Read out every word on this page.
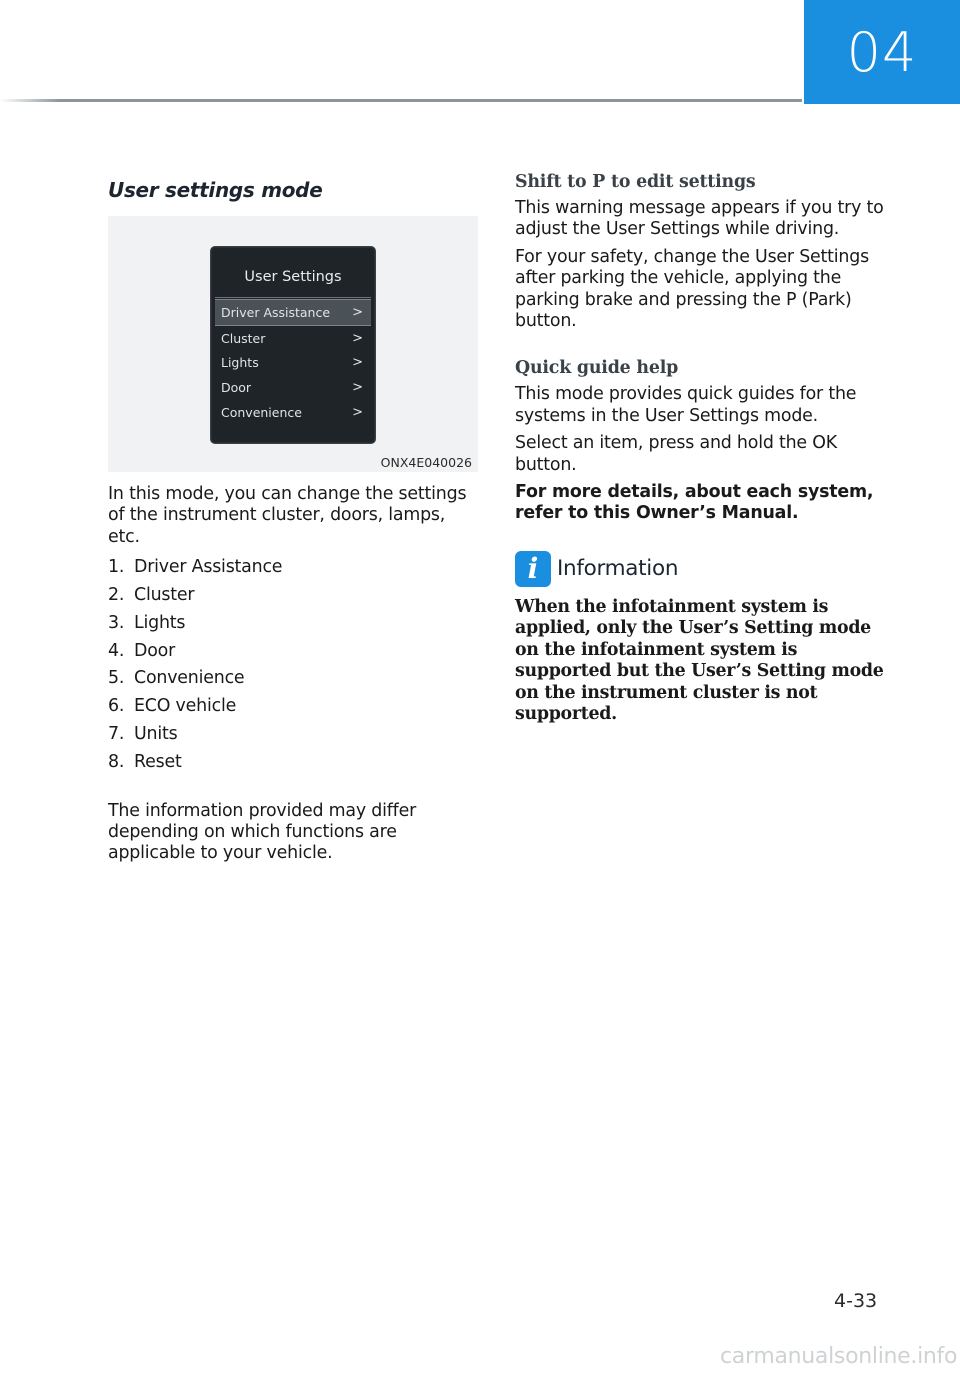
04
User settings mode
User Settings
Driver Assistance >
Cluster	>
Lights	>
Door	>
Convenience	>
ONX4E040026

In this mode, you can change the settings of the instrument cluster, doors, lamps, etc.

1. Driver Assistance
2. Cluster
3. Lights
4. Door
5. Convenience
6. ECO vehicle
7. Units
8. Reset

The information provided may differ depending on which functions are applicable to your vehicle.

Shift to P to edit settings

This warning message appears if you try to adjust the User Settings while driving.

For your safety, change the User Settings after parking the vehicle, applying the parking brake and pressing the P (Park) button.

Quick guide help

This mode provides quick guides for the systems in the User Settings mode.

Select an item, press and hold the OK button.

For more details, about each system, refer to this Owner’s Manual.

i Information
When the infotainment system is applied, only the User’s Setting mode on the infotainment system is supported but the User’s Setting mode on the instrument cluster is not supported.
4-33
carmanualsonline.info
